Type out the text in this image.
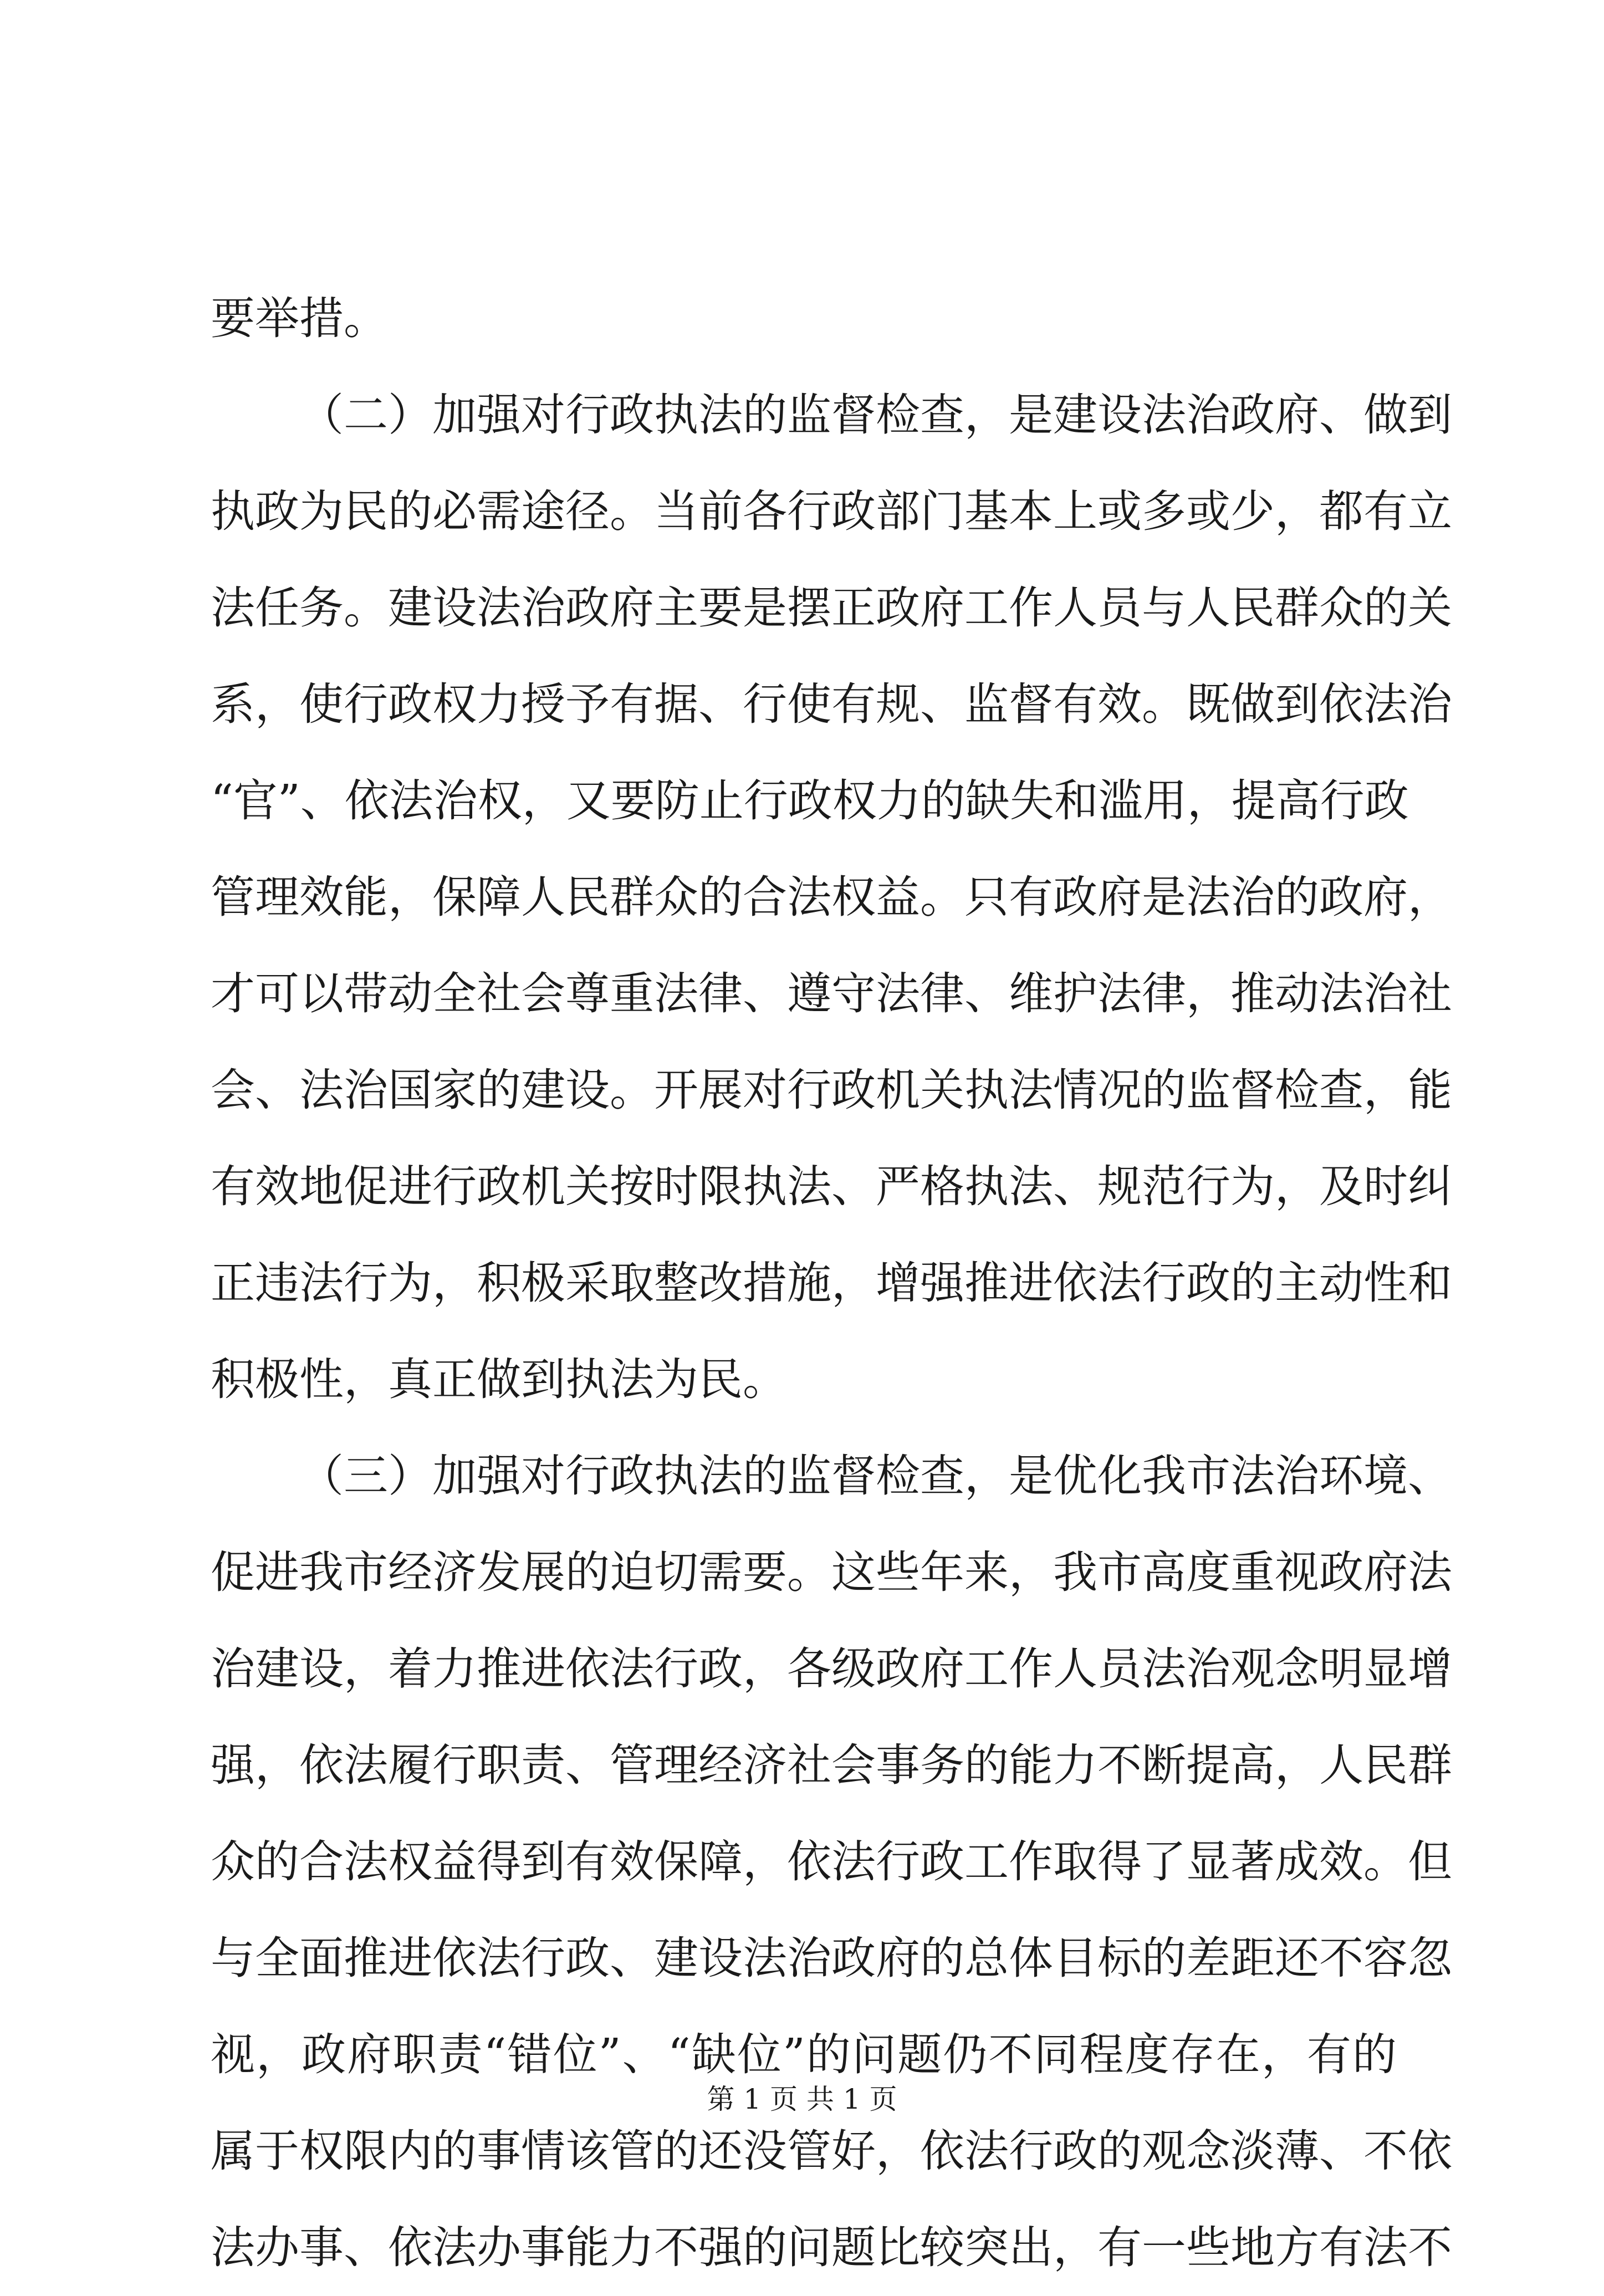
要举措。
（二）加强对行政执法的监督检查，是建设法治政府、做到
执政为民的必需途径。当前各行政部门基本上或多或少，都有立
法任务。建设法治政府主要是摆正政府工作人员与人民群众的关
系，使行政权力授予有据、行使有规、监督有效。既做到依法治
“官”、依法治权，又要防止行政权力的缺失和滥用，提高行政
管理效能，保障人民群众的合法权益。只有政府是法治的政府，
才可以带动全社会尊重法律、遵守法律、维护法律，推动法治社
会、法治国家的建设。开展对行政机关执法情况的监督检查，能
有效地促进行政机关按时限执法、严格执法、规范行为，及时纠
正违法行为，积极采取整改措施，增强推进依法行政的主动性和
积极性，真正做到执法为民。
（三）加强对行政执法的监督检查，是优化我市法治环境、
促进我市经济发展的迫切需要。这些年来，我市高度重视政府法
治建设，着力推进依法行政，各级政府工作人员法治观念明显增
强，依法履行职责、管理经济社会事务的能力不断提高，人民群
众的合法权益得到有效保障，依法行政工作取得了显著成效。但
与全面推进依法行政、建设法治政府的总体目标的差距还不容忽
视，政府职责“错位”、“缺位”的问题仍不同程度存在，有的
属于权限内的事情该管的还没管好，依法行政的观念淡薄、不依
法办事、依法办事能力不强的问题比较突出，有一些地方有法不
第 1 页 共 1 页
